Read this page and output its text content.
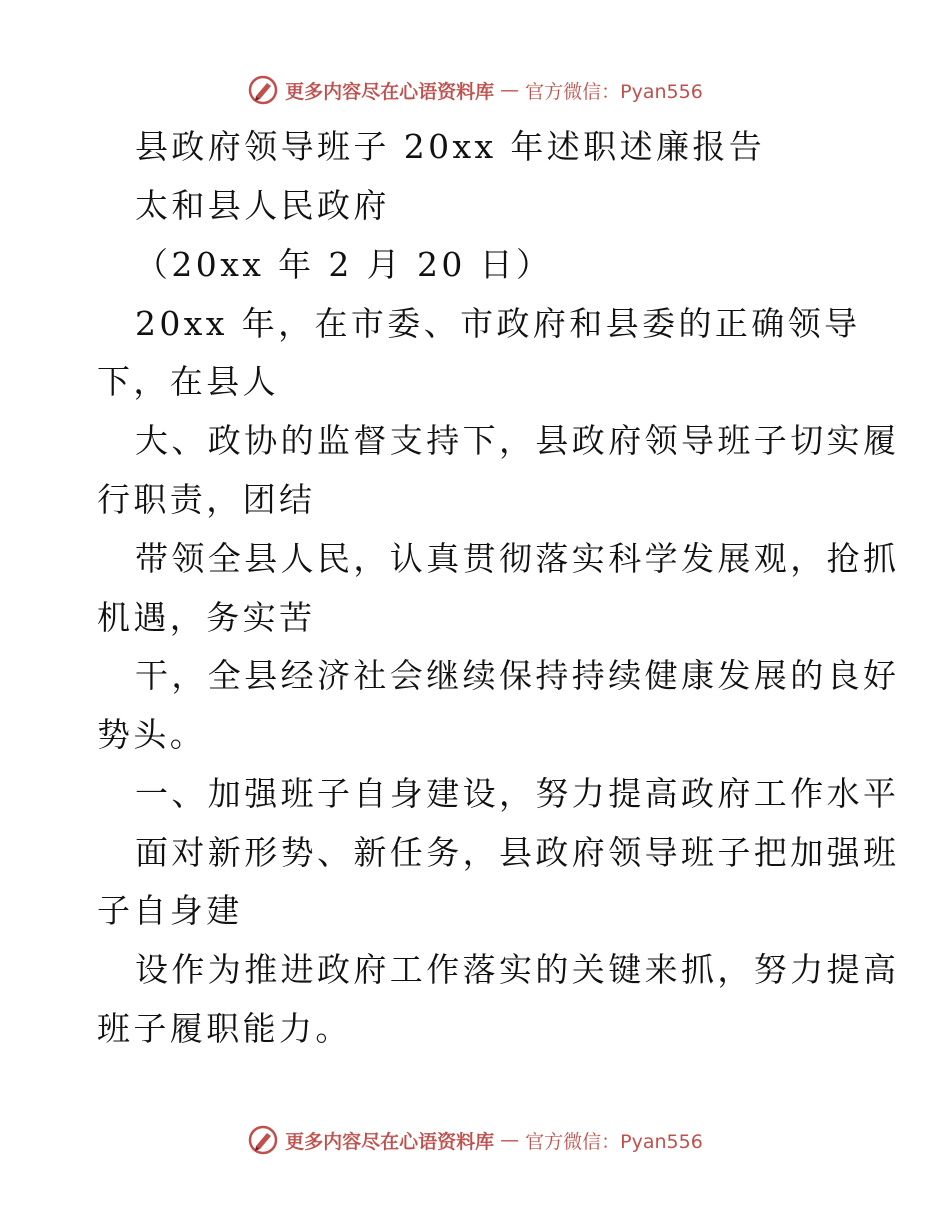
更多内容尽在心语资料库 — 官方微信：Pyan556
县政府领导班子 20xx 年述职述廉报告
太和县人民政府
（20xx 年 2 月 20 日）
20xx 年，在市委、市政府和县委的正确领导
下，在县人
大、政协的监督支持下，县政府领导班子切实履
行职责，团结
带领全县人民，认真贯彻落实科学发展观，抢抓
机遇，务实苦
干，全县经济社会继续保持持续健康发展的良好
势头。
一、加强班子自身建设，努力提高政府工作水平
面对新形势、新任务，县政府领导班子把加强班
子自身建
设作为推进政府工作落实的关键来抓，努力提高
班子履职能力。
更多内容尽在心语资料库 — 官方微信：Pyan556
